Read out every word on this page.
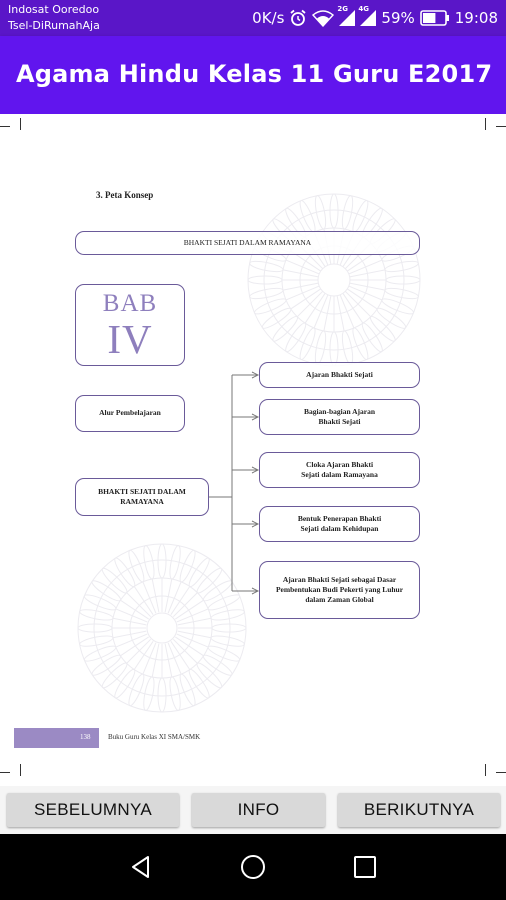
Indosat Ooredoo
Tsel-DiRumahAja	0K/s	2G 4G 59%	19:08
Agama Hindu Kelas 11 Guru E2017
3. Peta Konsep
BHAKTI SEJATI DALAM RAMAYANA
BAB
IV
Alur Pembelajaran
BHAKTI SEJATI DALAM RAMAYANA
Ajaran Bhakti Sejati
Bagian-bagian Ajaran Bhakti Sejati
Cloka Ajaran Bhakti Sejati dalam Ramayana
Bentuk Penerapan Bhakti Sejati dalam Kehidupan
Ajaran Bhakti Sejati sebagai Dasar Pembentukan Budi Pekerti yang Luhur dalam Zaman Global
138	Buku Guru Kelas XI SMA/SMK
SEBELUMNYA	INFO	BERIKUTNYA
